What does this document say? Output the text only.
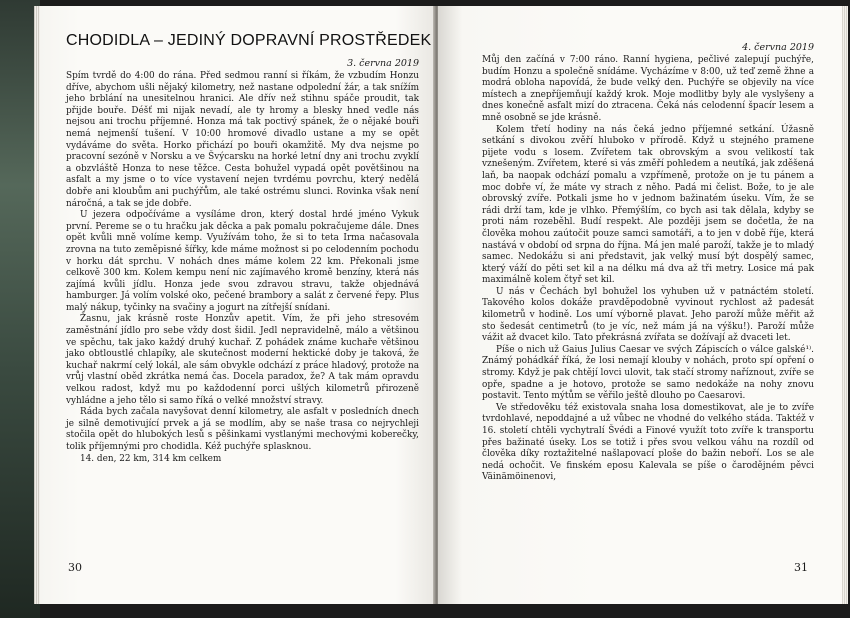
CHODIDLA – JEDINÝ DOPRAVNÍ PROSTŘEDEK
3. června 2019

Spím tvrdě do 4:00 do rána. Před sedmou ranní si říkám, že vzbudím Honzu dříve, abychom ušli nějaký kilometry, než nastane odpolední žár, a tak sníž​ím jeho brblání na unesitelnou hranici. Ale dřív než stihnu spáče proudit, tak přijde bouře. Déšť mi nijak nevadí, ale ty hromy a blesky hned vedle nás nejsou ani trochu příjemné. Honza má tak poctivý spánek, že o nějaké bouři nemá nejmenší tušení. V 10:00 hromové divadlo ustane a my se opět vydáváme do světa. Horko přichází po bouři okamžitě. My dva nejsme po pracovní sezóně v Norsku a ve Švýcarsku na horké letní dny ani trochu zvyklí a obzvláště Honza to nese těžce. Cesta bohužel vypadá opět povětšinou na asfalt a my jsme o to více vystavení nejen tvrdému povrchu, který nedělá dobře ani kloubům ani puchýřům, ale také ostrému slunci. Rovinka však není náročná, a tak se jde dobře.

U jezera odpočíváme a vysíláme dron, který dostal hrdé jméno Vykuk první. Pereme se o tu hračku jak děcka a pak pomalu pokračujeme dále. Dnes opět kvůli mně volíme kemp. Využívám toho, že si to teta Irma načasovala zrovna na tuto zeměpisné šířky, kde máme možnost si po celodenním pochodu v horku dát sprchu. V nohách dnes máme kolem 22 km. Překonali jsme celkově 300 km. Kolem kempu není nic zajímavého kromě benzíny, která nás zajímá kvůli jídlu. Honza jede svou zdravou stravu, takže objednává hamburger. Já volím volské oko, pečené brambory a salát z červené řepy. Plus malý nákup, tyčinky na svačiny a jogurt na zítřejší snídani.

Žasnu, jak krásně roste Honzův apetit. Vím, že při jeho stresovém zaměstnání jídlo pro sebe vždy dost šidil. Jedl nepravidelně, málo a většinou ve spěchu, tak jako každý druhý kuchař. Z pohádek známe kuchaře většinou jako obtloustlé chlapíky, ale skutečnost moderní hektické doby je taková, že kuchař nakrmí celý lokál, ale sám obvykle odchází z práce hladový, protože na vrůj vlastní oběd zkrátka nemá čas. Docela paradox, že? A tak mám opravdu velkou radost, když mu po každodenní porci ušlých kilometrů přirozeně vyhládne a jeho tělo si samo říká o velké množství stravy.

Ráda bych začala navyšovat denní kilometry, ale asfalt v posledních dnech je silně demotivující prvek a já se modlím, aby se naše trasa co nejrychleji stočila opět do hlubokých lesů s pěšinkami vystlanými mechovými koberečky, tolik příjemnými pro chodidla. Kéž puchýře splasknou.

14. den, 22 km, 314 km celkem

30
4. června 2019

Můj den začíná v 7:00 ráno. Ranní hygiena, pečlivé zalepují puchýře, budím Honzu a společně snídáme. Vycházíme v 8:00, už teď země žhne a modrá obloha napovídá, že bude velký den. Puchýře se objevily na více místech a znepříjemňují každý krok. Moje modlitby byly ale vyslyšeny a dnes konečně asfalt mizí do ztracena. Čeká nás celodenní špacír lesem a mně osobně se jde krásně.

Kolem třetí hodiny na nás čeká jedno příjemné setkání. Úžasně setkání s divokou zvěří hluboko v přírodě. Když u stejného pramene pijete vodu s losem. Zvířetem tak obrovským a svou velikostí tak vznešeným. Zvířetem, které si vás změří pohledem a neutíká, jak zděšená laň, ba naopak odchází pomalu a vzpřímeně, protože on je tu pánem a moc dobře ví, že máte vy strach z něho. Padá mi čelist. Bože, to je ale obrovský zvíře. Potkali jsme ho v jednom bažinatém úseku. Vím, že se rádi drží tam, kde je vlhko. Přemýšlím, co bych asi tak dělala, kdyby se proti nám rozeběhl. Budí respekt. Ale později jsem se dočetla, že na člověka mohou zaútočit pouze samci samotáři, a to jen v době říje, která nastává v období od srpna do října. Má jen malé paroží, takže je to mladý samec. Nedokážu si ani představit, jak velký musí být dospělý samec, který váží do pěti set kil a na délku má dva až tři metry. Losice má pak maximálně kolem čtyř set kil.

U nás v Čechách byl bohužel los vyhuben už v patnáctém století. Takového kolos dokáže pravděpodobně vyvinout rychlost až padesát kilometrů v hodině. Los umí výborně plavat. Jeho paroží může měřit až sto šedesát centimetrů (to je víc, než mám já na výšku!). Paroží může vážit až dvacet kilo. Tato překrásná zvířata se dožívají až dvaceti let.

Píše o nich už Gaius Julius Caesar ve svých Zápiscích o válce galské¹⁾. Známý pohádkář říká, že losi nemají klouby v nohách, proto spí opření o stromy. Když je pak chtějí lovci ulovit, tak stačí stromy naříznout, zvíře se opře, spadne a je hotovo, protože se samo nedokáže na nohy znovu postavit. Tento mýtům se věřilo ještě dlouho po Caesarovi.

Ve středověku též existovala snaha losa domestikovat, ale je to zvíře tvrdohlavé, nepoddajné a už vůbec ne vhodné do velkého stáda. Taktéž v 16. století chtěli vychytralí Švédi a Finové využít toto zvíře k transportu přes bažinaté úseky. Los se totiž i přes svou velkou váhu na rozdíl od člověka díky roztažitelné našlapovací ploše do bažin neboří. Los se ale nedá ochočit. Ve finském eposu Kalevala se píše o čarodějném pěvci Väinämöinenovi,

31
